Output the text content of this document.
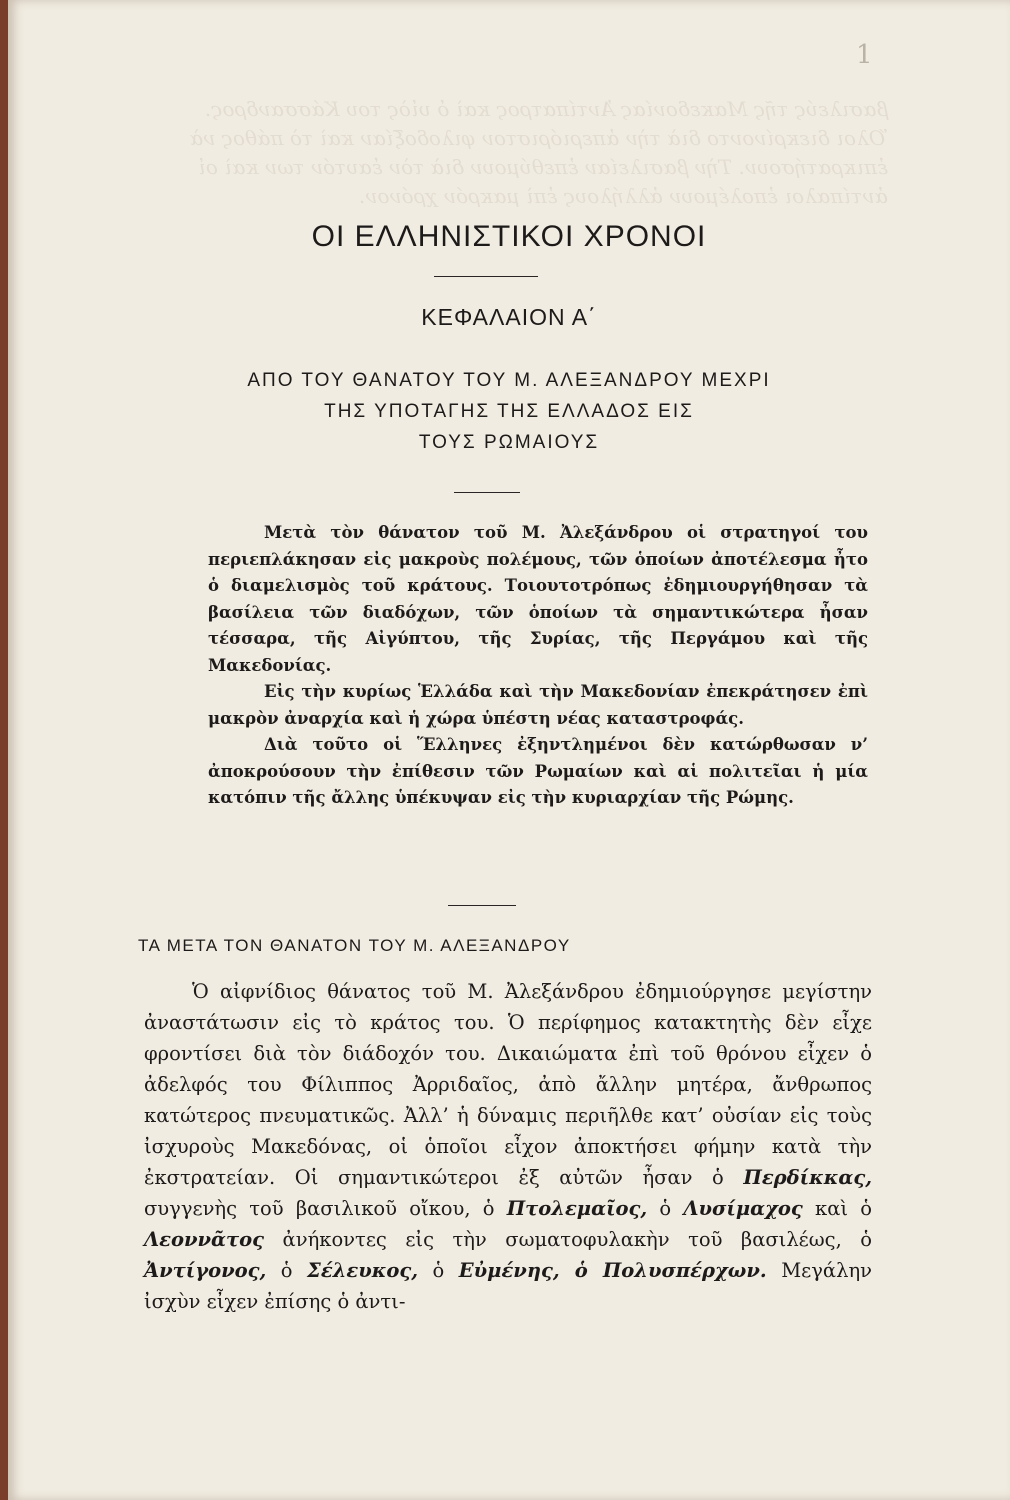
βασιλεύς τῆς Μακεδονίας Ἀντίπατρος καὶ ὁ υἱὸς του Κάσσανδρος. Ὅλοι διεκρίνοντο διὰ τὴν ἀπεριόριστον φιλοδοξίαν καὶ τὸ πάθος νὰ ἐπικρατήσουν. Τὴν βασιλείαν ἐπεθύμουν διὰ τὸν ἑαυτόν των καὶ οἱ ἀντίπαλοι ἐπολέμουν ἀλλήλους ἐπὶ μακρόν χρόνον.
1
ΟΙ ΕΛΛΗΝΙΣΤΙΚΟΙ ΧΡΟΝΟΙ
ΚΕΦΑΛΑΙΟΝ Α΄
ΑΠΟ ΤΟΥ ΘΑΝΑΤΟΥ ΤΟΥ Μ. ΑΛΕΞΑΝΔΡΟΥ ΜΕΧΡΙ
ΤΗΣ ΥΠΟΤΑΓΗΣ ΤΗΣ ΕΛΛΑΔΟΣ ΕΙΣ
ΤΟΥΣ ΡΩΜΑΙΟΥΣ

Μετὰ τὸν θάνατον τοῦ Μ. Ἀλεξάνδρου οἱ στρατηγοί του περιεπλάκησαν εἰς μακροὺς πολέμους, τῶν ὁποίων ἀποτέλεσμα ἦτο ὁ διαμελισμὸς τοῦ κράτους. Τοιουτοτρόπως ἐδημιουργήθησαν τὰ βασίλεια τῶν διαδόχων, τῶν ὁποίων τὰ σημαντικώτερα ἦσαν τέσσαρα, τῆς Αἰγύπτου, τῆς Συρίας, τῆς Περγάμου καὶ τῆς Μακεδονίας.

Εἰς τὴν κυρίως Ἑλλάδα καὶ τὴν Μακεδονίαν ἐπεκράτησεν ἐπὶ μακρὸν ἀναρχία καὶ ἡ χώρα ὑπέστη νέας καταστροφάς.

Διὰ τοῦτο οἱ Ἕλληνες ἐξηντλημένοι δὲν κατώρθωσαν ν’ ἀποκρούσουν τὴν ἐπίθεσιν τῶν Ρωμαίων καὶ αἱ πολιτεῖαι ἡ μία κατόπιν τῆς ἄλλης ὑπέκυψαν εἰς τὴν κυριαρχίαν τῆς Ρώμης.

ΤΑ ΜΕΤΑ ΤΟΝ ΘΑΝΑΤΟΝ ΤΟΥ Μ. ΑΛΕΞΑΝΔΡΟΥ

Ὁ αἰφνίδιος θάνατος τοῦ Μ. Ἀλεξάνδρου ἐδημιούργησε μεγίστην ἀναστάτωσιν εἰς τὸ κράτος του. Ὁ περίφημος κατακτητὴς δὲν εἶχε φροντίσει διὰ τὸν διάδοχόν του. Δικαιώματα ἐπὶ τοῦ θρόνου εἶχεν ὁ ἀδελφός του Φίλιππος Ἀρριδαῖος, ἀπὸ ἄλλην μητέρα, ἄνθρωπος κατώτερος πνευματικῶς. Ἀλλ’ ἡ δύναμις περιῆλθε κατ’ οὐσίαν εἰς τοὺς ἰσχυροὺς Μακεδόνας, οἱ ὁποῖοι εἶχον ἀποκτήσει φήμην κατὰ τὴν ἐκστρατείαν. Οἱ σημαντικώτεροι ἐξ αὐτῶν ἦσαν ὁ Περδίκκας, συγγενὴς τοῦ βασιλικοῦ οἴκου, ὁ Πτολεμαῖος, ὁ Λυσίμαχος καὶ ὁ Λεοννᾶτος ἀνήκοντες εἰς τὴν σωματοφυλακὴν τοῦ βασιλέως, ὁ Ἀντίγονος, ὁ Σέλευκος, ὁ Εὐμένης, ὁ Πολυσπέρχων. Μεγάλην ἰσχὺν εἶχεν ἐπίσης ὁ ἀντι-
